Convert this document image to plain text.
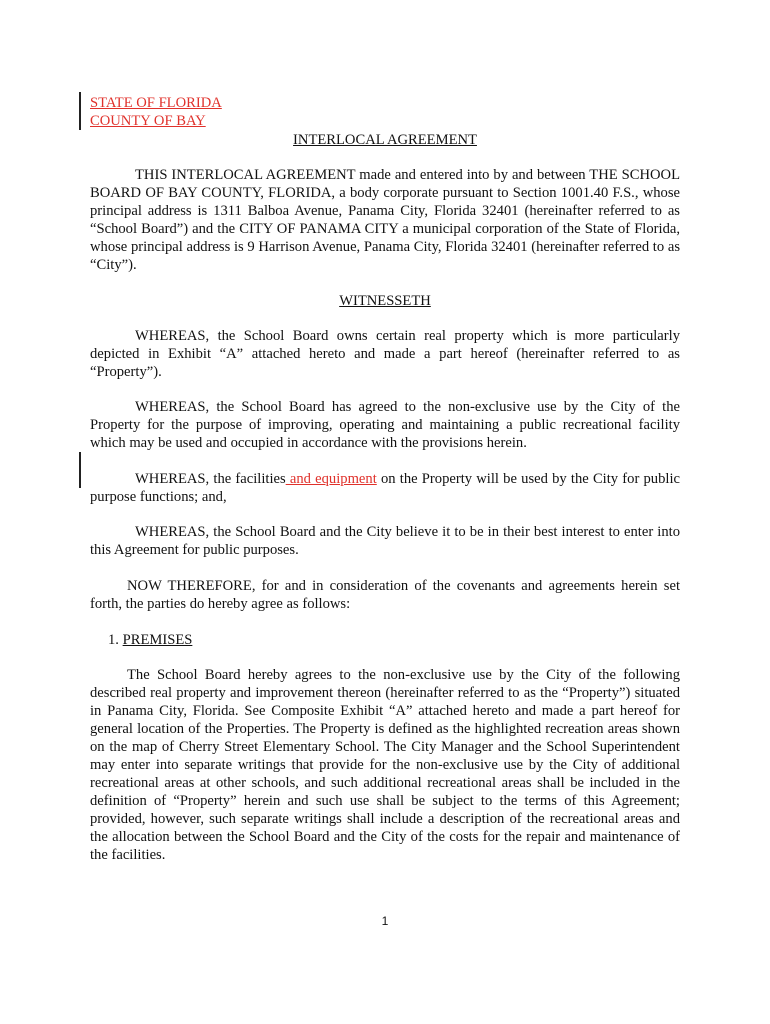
STATE OF FLORIDA
COUNTY OF BAY
INTERLOCAL AGREEMENT
THIS INTERLOCAL AGREEMENT made and entered into by and between THE SCHOOL BOARD OF BAY COUNTY, FLORIDA, a body corporate pursuant to Section 1001.40 F.S., whose principal address is 1311 Balboa Avenue, Panama City, Florida 32401 (hereinafter referred to as “School Board”) and the CITY OF PANAMA CITY a municipal corporation of the State of Florida, whose principal address is 9 Harrison Avenue, Panama City, Florida 32401 (hereinafter referred to as “City”).
WITNESSETH
WHEREAS, the School Board owns certain real property which is more particularly depicted in Exhibit “A” attached hereto and made a part hereof (hereinafter referred to as “Property”).
WHEREAS, the School Board has agreed to the non-exclusive use by the City of the Property for the purpose of improving, operating and maintaining a public recreational facility which may be used and occupied in accordance with the provisions herein.
WHEREAS, the facilities and equipment on the Property will be used by the City for public purpose functions; and,
WHEREAS, the School Board and the City believe it to be in their best interest to enter into this Agreement for public purposes.
NOW THEREFORE, for and in consideration of the covenants and agreements herein set forth, the parties do hereby agree as follows:
1. PREMISES
The School Board hereby agrees to the non-exclusive use by the City of the following described real property and improvement thereon (hereinafter referred to as the “Property”) situated in Panama City, Florida. See Composite Exhibit “A” attached hereto and made a part hereof for general location of the Properties. The Property is defined as the highlighted recreation areas shown on the map of Cherry Street Elementary School. The City Manager and the School Superintendent may enter into separate writings that provide for the non-exclusive use by the City of additional recreational areas at other schools, and such additional recreational areas shall be included in the definition of “Property” herein and such use shall be subject to the terms of this Agreement; provided, however, such separate writings shall include a description of the recreational areas and the allocation between the School Board and the City of the costs for the repair and maintenance of the facilities.
1
